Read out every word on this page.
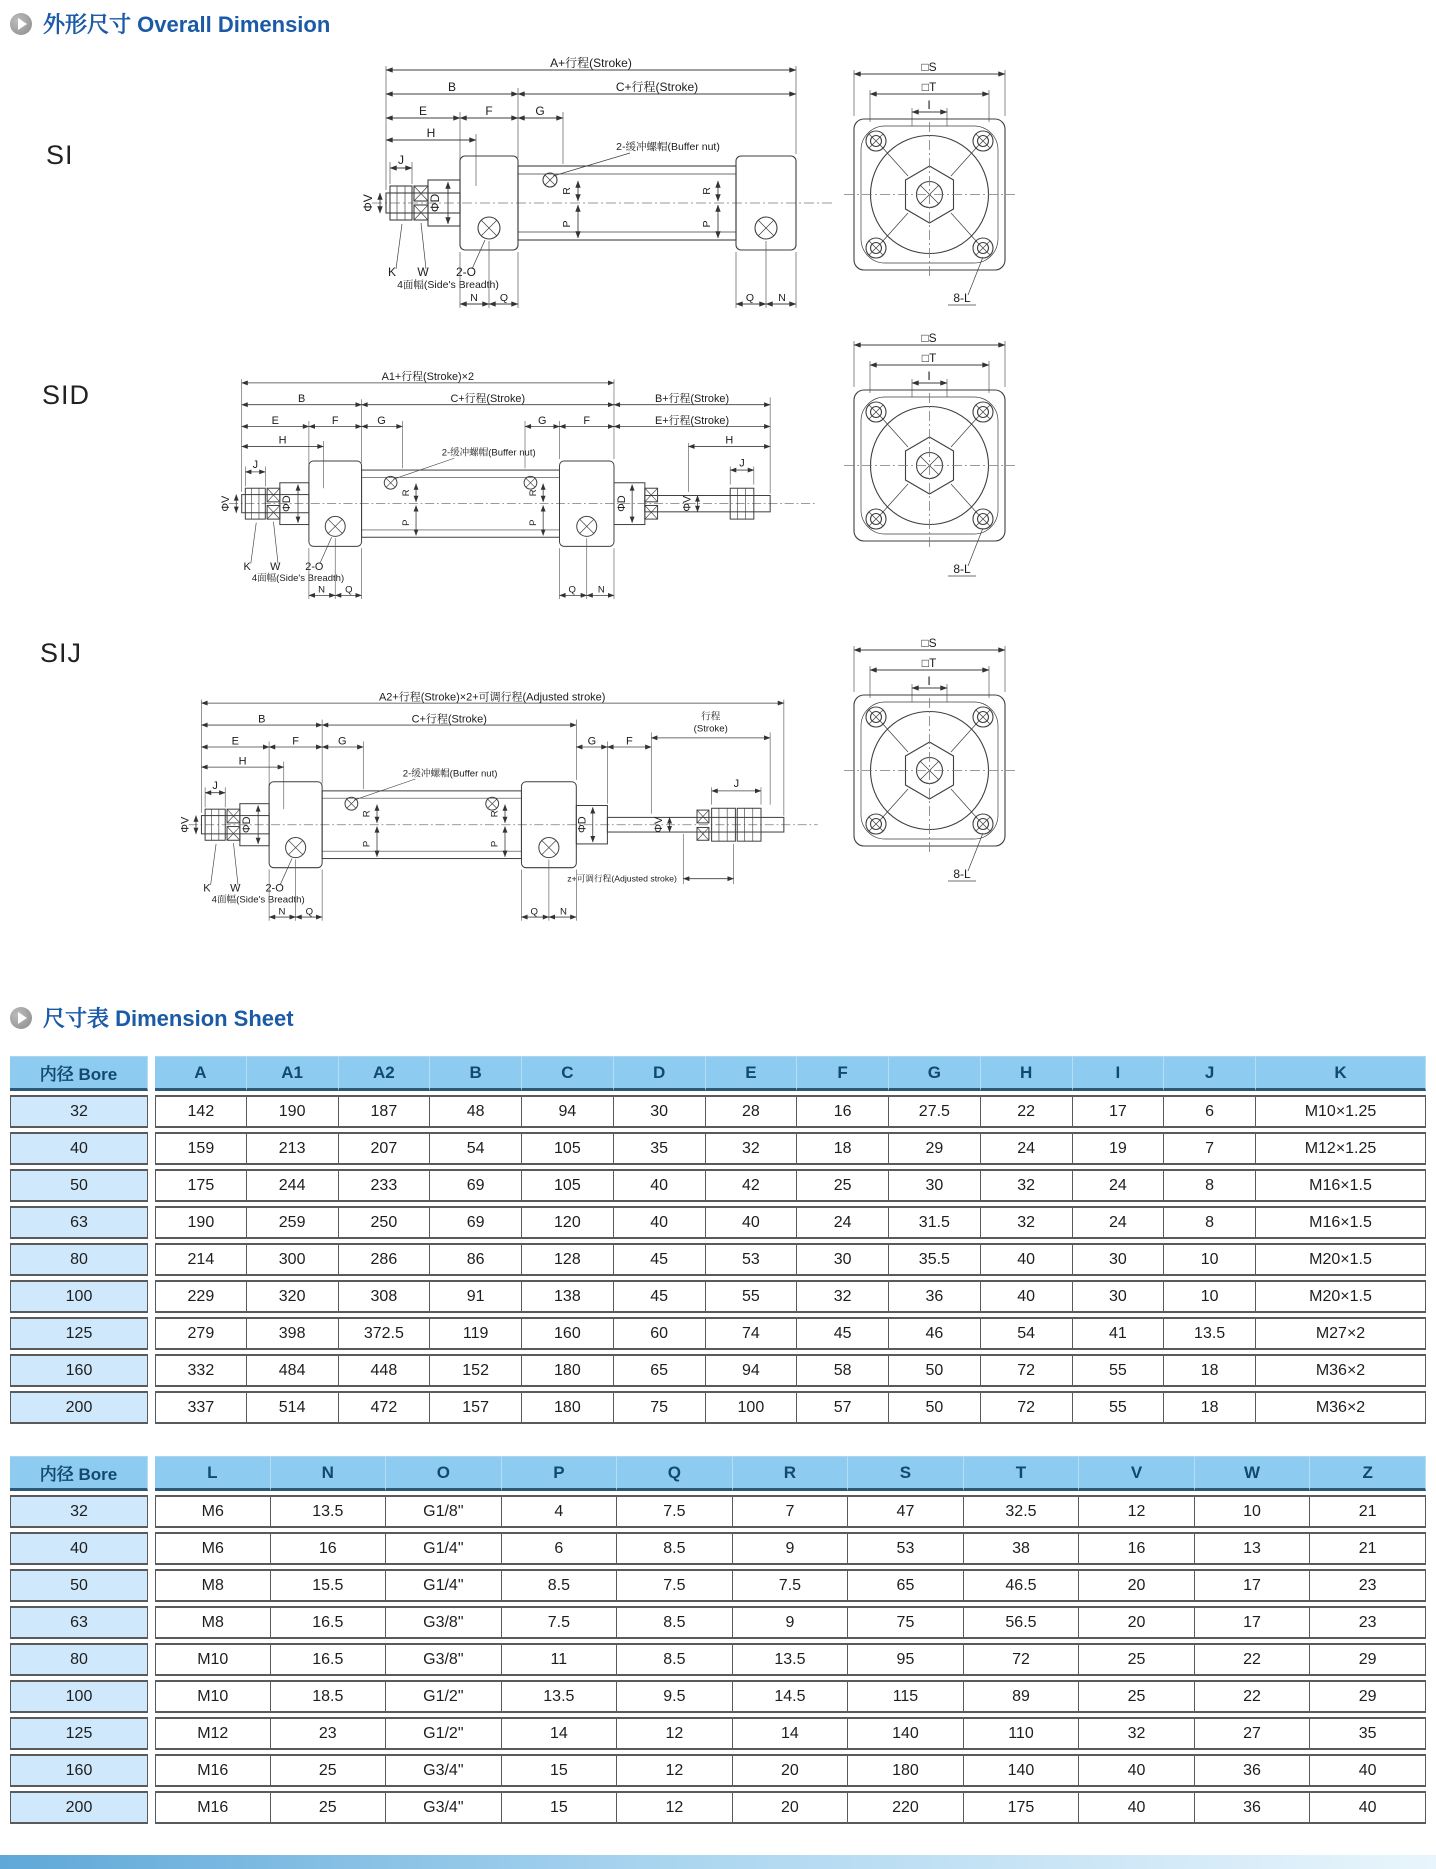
外形尺寸 Overall Dimension
SI
SID
SIJ
A+行程(Stroke)
B	C+行程(Stroke)
E	F	G
H
J
ΦD
ΦV
2-缓冲螺帽(Buffer nut)
R
P
R
P
K W 2-O
4面幅(Side's Breadth)
N Q	Q N
A1+行程(Stroke)×2
B	C+行程(Stroke)	B+行程(Stroke)
E	F	G	G	F	E+行程(Stroke)
H	H
J	J
ΦD
ΦV
2-缓冲螺帽(Buffer nut)
ΦD	ΦV
R
P
R
P
K W 2-O
4面幅(Side's Breadth)
N Q	Q N
A2+行程(Stroke)×2+可调行程(Adjusted stroke)
B	C+行程(Stroke)	行程
(Stroke)
E	F	G	G F
H
J	J
ΦD
ΦV
2-缓冲螺帽(Buffer nut)
ΦD	ΦV
z+可调行程(Adjusted stroke)
R
P
R
P
K W 2-O
4面幅(Side's Breadth)
N Q	Q N
□S
□T
I
8-L
□S
□T
I
8-L
□S
□T
I
8-L
尺寸表 Dimension Sheet
内径 Bore		A	A1	A2	B	C	D	E	F	G	H	I	J	K
32		142	190	187	48	94	30	28	16	27.5	22	17	6	M10×1.25
40		159	213	207	54	105	35	32	18	29	24	19	7	M12×1.25
50		175	244	233	69	105	40	42	25	30	32	24	8	M16×1.5
63		190	259	250	69	120	40	40	24	31.5	32	24	8	M16×1.5
80		214	300	286	86	128	45	53	30	35.5	40	30	10	M20×1.5
100		229	320	308	91	138	45	55	32	36	40	30	10	M20×1.5
125		279	398	372.5	119	160	60	74	45	46	54	41	13.5	M27×2
160		332	484	448	152	180	65	94	58	50	72	55	18	M36×2
200		337	514	472	157	180	75	100	57	50	72	55	18	M36×2
内径 Bore		L	N	O	P	Q	R	S	T	V	W	Z
32		M6	13.5	G1/8"	4	7.5	7	47	32.5	12	10	21
40		M6	16	G1/4"	6	8.5	9	53	38	16	13	21
50		M8	15.5	G1/4"	8.5	7.5	7.5	65	46.5	20	17	23
63		M8	16.5	G3/8"	7.5	8.5	9	75	56.5	20	17	23
80		M10	16.5	G3/8"	11	8.5	13.5	95	72	25	22	29
100		M10	18.5	G1/2"	13.5	9.5	14.5	115	89	25	22	29
125		M12	23	G1/2"	14	12	14	140	110	32	27	35
160		M16	25	G3/4"	15	12	20	180	140	40	36	40
200		M16	25	G3/4"	15	12	20	220	175	40	36	40
